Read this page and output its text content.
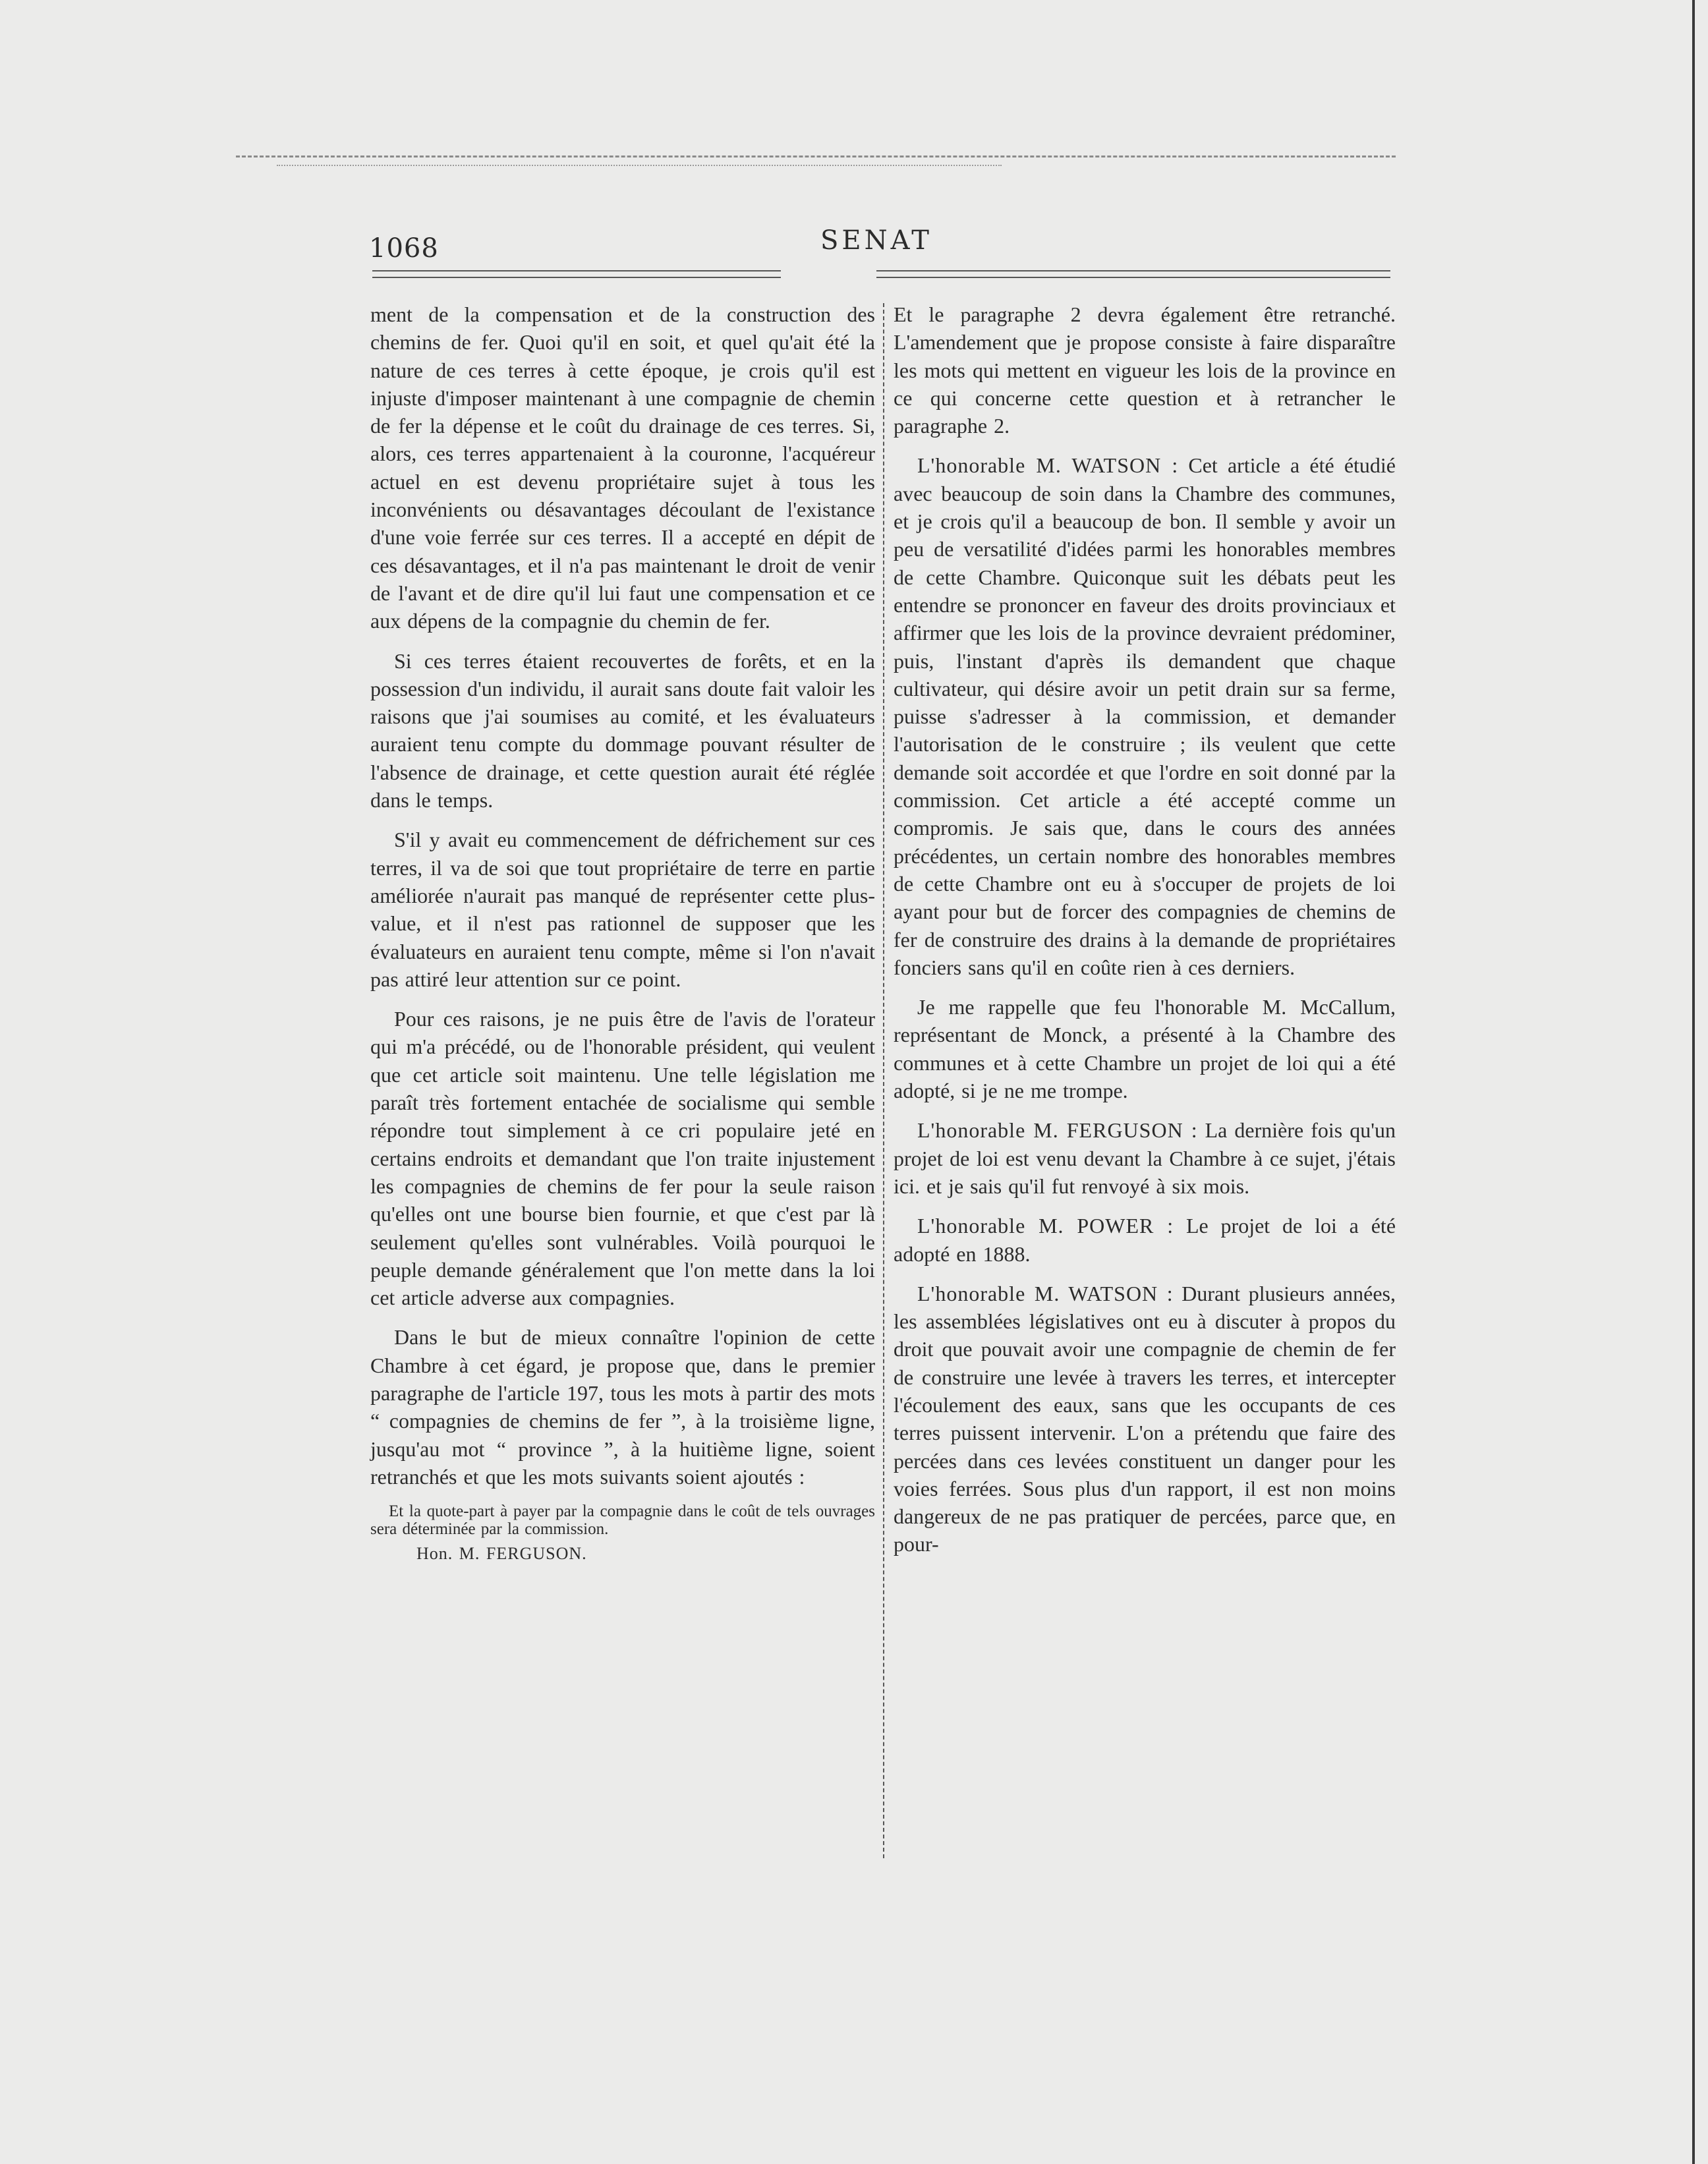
1068	SENAT

ment de la compensation et de la construction des chemins de fer. Quoi qu'il en soit, et quel qu'ait été la nature de ces terres à cette époque, je crois qu'il est injuste d'imposer maintenant à une compagnie de chemin de fer la dépense et le coût du drainage de ces terres. Si, alors, ces terres appartenaient à la couronne, l'acquéreur actuel en est devenu propriétaire sujet à tous les inconvénients ou désavantages découlant de l'existance d'une voie ferrée sur ces terres. Il a accepté en dépit de ces désavantages, et il n'a pas maintenant le droit de venir de l'avant et de dire qu'il lui faut une compensation et ce aux dépens de la compagnie du chemin de fer.

Si ces terres étaient recouvertes de forêts, et en la possession d'un individu, il aurait sans doute fait valoir les raisons que j'ai soumises au comité, et les évaluateurs auraient tenu compte du dommage pouvant résulter de l'absence de drainage, et cette question aurait été réglée dans le temps.

S'il y avait eu commencement de défrichement sur ces terres, il va de soi que tout propriétaire de terre en partie améliorée n'aurait pas manqué de représenter cette plus-value, et il n'est pas rationnel de supposer que les évaluateurs en auraient tenu compte, même si l'on n'avait pas attiré leur attention sur ce point.

Pour ces raisons, je ne puis être de l'avis de l'orateur qui m'a précédé, ou de l'honorable président, qui veulent que cet article soit maintenu. Une telle législation me paraît très fortement entachée de socialisme qui semble répondre tout simplement à ce cri populaire jeté en certains endroits et demandant que l'on traite injustement les compagnies de chemins de fer pour la seule raison qu'elles ont une bourse bien fournie, et que c'est par là seulement qu'elles sont vulnérables. Voilà pourquoi le peuple demande généralement que l'on mette dans la loi cet article adverse aux compagnies.

Dans le but de mieux connaître l'opinion de cette Chambre à cet égard, je propose que, dans le premier paragraphe de l'article 197, tous les mots à partir des mots “ compagnies de chemins de fer ”, à la troisième ligne, jusqu'au mot “ province ”, à la huitième ligne, soient retranchés et que les mots suivants soient ajoutés :

Et la quote-part à payer par la compagnie dans le coût de tels ouvrages sera déterminée par la commission.
Hon. M. FERGUSON.

Et le paragraphe 2 devra également être retranché. L'amendement que je propose consiste à faire disparaître les mots qui mettent en vigueur les lois de la province en ce qui concerne cette question et à retrancher le paragraphe 2.

L'honorable M. WATSON : Cet article a été étudié avec beaucoup de soin dans la Chambre des communes, et je crois qu'il a beaucoup de bon. Il semble y avoir un peu de versatilité d'idées parmi les honorables membres de cette Chambre. Quiconque suit les débats peut les entendre se prononcer en faveur des droits provinciaux et affirmer que les lois de la province devraient prédominer, puis, l'instant d'après ils demandent que chaque cultivateur, qui désire avoir un petit drain sur sa ferme, puisse s'adresser à la commission, et demander l'autorisation de le construire ; ils veulent que cette demande soit accordée et que l'ordre en soit donné par la commission. Cet article a été accepté comme un compromis. Je sais que, dans le cours des années précédentes, un certain nombre des honorables membres de cette Chambre ont eu à s'occuper de projets de loi ayant pour but de forcer des compagnies de chemins de fer de construire des drains à la demande de propriétaires fonciers sans qu'il en coûte rien à ces derniers.

Je me rappelle que feu l'honorable M. McCallum, représentant de Monck, a présenté à la Chambre des communes et à cette Chambre un projet de loi qui a été adopté, si je ne me trompe.

L'honorable M. FERGUSON : La dernière fois qu'un projet de loi est venu devant la Chambre à ce sujet, j'étais ici. et je sais qu'il fut renvoyé à six mois.

L'honorable M. POWER : Le projet de loi a été adopté en 1888.

L'honorable M. WATSON : Durant plusieurs années, les assemblées législatives ont eu à discuter à propos du droit que pouvait avoir une compagnie de chemin de fer de construire une levée à travers les terres, et intercepter l'écoulement des eaux, sans que les occupants de ces terres puissent intervenir. L'on a prétendu que faire des percées dans ces levées constituent un danger pour les voies ferrées. Sous plus d'un rapport, il est non moins dangereux de ne pas pratiquer de percées, parce que, en pour-
